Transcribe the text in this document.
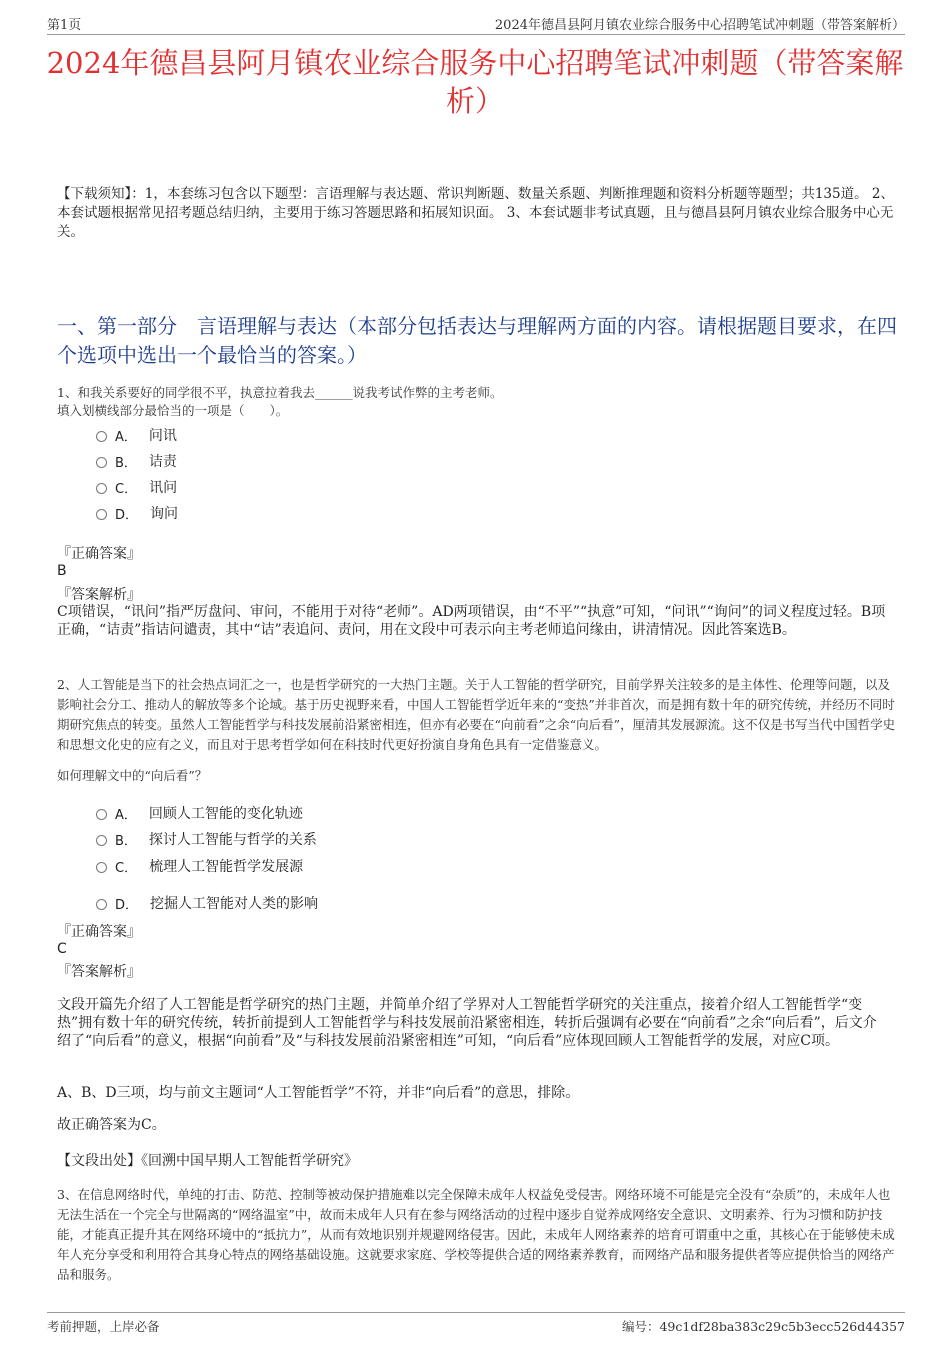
第1页	2024年德昌县阿月镇农业综合服务中心招聘笔试冲刺题（带答案解析）
2024年德昌县阿月镇农业综合服务中心招聘笔试冲刺题（带答案解析）
【下载须知】：1，本套练习包含以下题型：言语理解与表达题、常识判断题、数量关系题、判断推理题和资料分析题等题型；共135道。 2、本套试题根据常见招考题总结归纳，主要用于练习答题思路和拓展知识面。 3、本套试题非考试真题，且与德昌县阿月镇农业综合服务中心无关。
一、第一部分　言语理解与表达（本部分包括表达与理解两方面的内容。请根据题目要求，在四个选项中选出一个最恰当的答案。）
1、和我关系要好的同学很不平，执意拉着我去______说我考试作弊的主考老师。
填入划横线部分最恰当的一项是（　　）。
A． 问讯
B． 诘责
C． 讯问
D． 询问
『正确答案』
B
『答案解析』
C项错误，“讯问”指严厉盘问、审问，不能用于对待“老师”。AD两项错误，由“不平”“执意”可知，“问讯”“询问”的词义程度过轻。B项正确，“诘责”指诘问谴责，其中“诘”表追问、责问，用在文段中可表示向主考老师追问缘由，讲清情况。因此答案选B。
2、人工智能是当下的社会热点词汇之一，也是哲学研究的一大热门主题。关于人工智能的哲学研究，目前学界关注较多的是主体性、伦理等问题，以及影响社会分工、推动人的解放等多个论域。基于历史视野来看，中国人工智能哲学近年来的“变热”并非首次，而是拥有数十年的研究传统，并经历不同时期研究焦点的转变。虽然人工智能哲学与科技发展前沿紧密相连，但亦有必要在“向前看”之余“向后看”，厘清其发展源流。这不仅是书写当代中国哲学史和思想文化史的应有之义，而且对于思考哲学如何在科技时代更好扮演自身角色具有一定借鉴意义。
如何理解文中的“向后看”？
A． 回顾人工智能的变化轨迹
B． 探讨人工智能与哲学的关系
C． 梳理人工智能哲学发展源
D． 挖掘人工智能对人类的影响
『正确答案』
C
『答案解析』
文段开篇先介绍了人工智能是哲学研究的热门主题，并简单介绍了学界对人工智能哲学研究的关注重点，接着介绍人工智能哲学“变热”拥有数十年的研究传统，转折前提到人工智能哲学与科技发展前沿紧密相连，转折后强调有必要在“向前看”之余“向后看”，后文介绍了“向后看”的意义，根据“向前看”及“与科技发展前沿紧密相连”可知，“向后看”应体现回顾人工智能哲学的发展，对应C项。
A、B、D三项，均与前文主题词“人工智能哲学”不符，并非“向后看”的意思，排除。
故正确答案为C。
【文段出处】《回溯中国早期人工智能哲学研究》
3、在信息网络时代，单纯的打击、防范、控制等被动保护措施难以完全保障未成年人权益免受侵害。网络环境不可能是完全没有“杂质”的，未成年人也无法生活在一个完全与世隔离的“网络温室”中，故而未成年人只有在参与网络活动的过程中逐步自觉养成网络安全意识、文明素养、行为习惯和防护技能，才能真正提升其在网络环境中的“抵抗力”，从而有效地识别并规避网络侵害。因此，未成年人网络素养的培育可谓重中之重，其核心在于能够使未成年人充分享受和利用符合其身心特点的网络基础设施。这就要求家庭、学校等提供合适的网络素养教育，而网络产品和服务提供者等应提供恰当的网络产品和服务。
考前押题，上岸必备	编号：49c1df28ba383c29c5b3ecc526d44357
